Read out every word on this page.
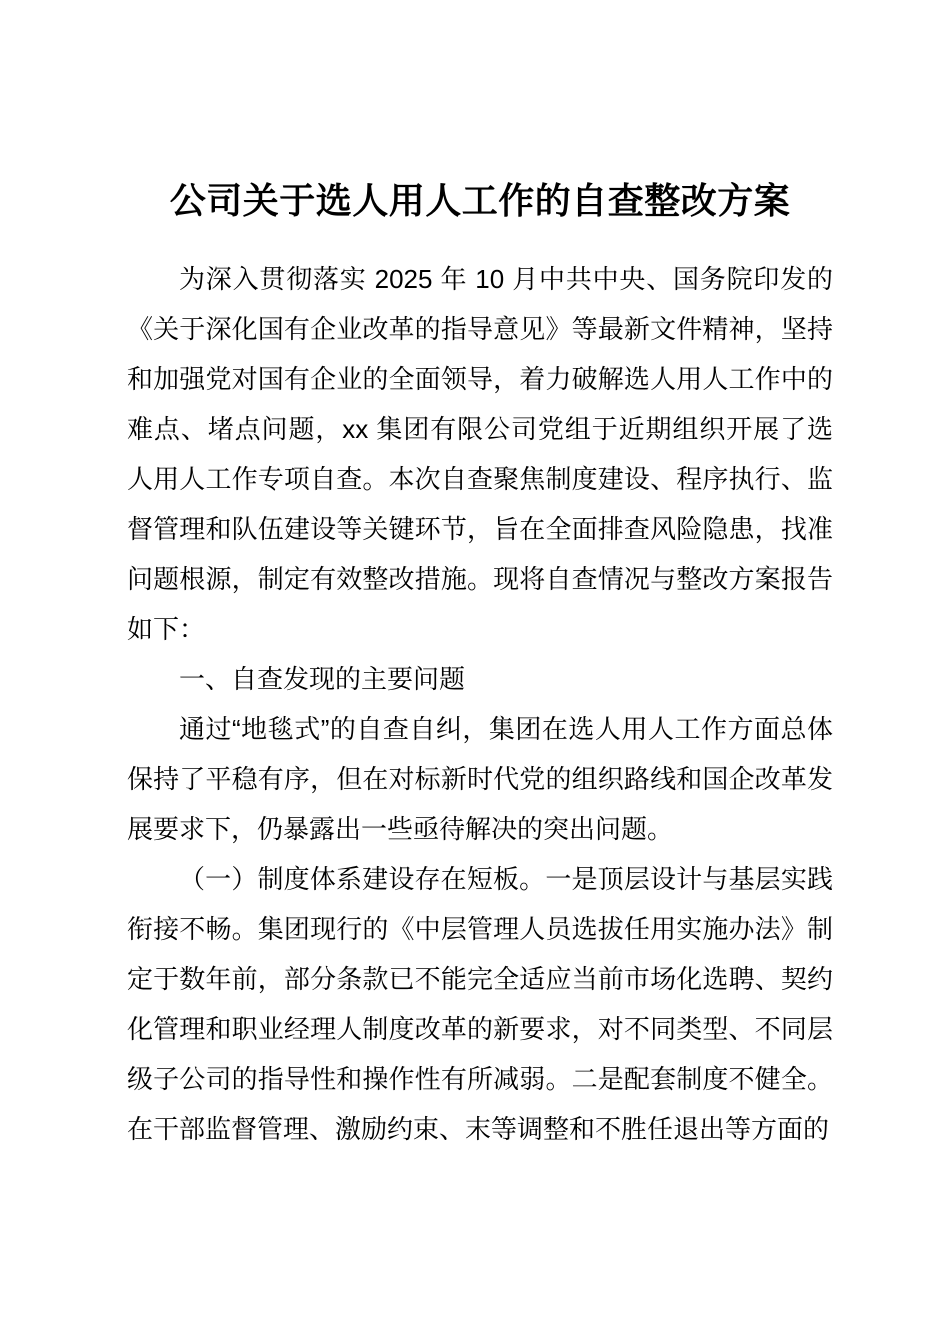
公司关于选人用人工作的自查整改方案

为深入贯彻落实 2025 年 10 月中共中央、国务院印发的《关于深化国有企业改革的指导意见》等最新文件精神，坚持和加强党对国有企业的全面领导，着力破解选人用人工作中的难点、堵点问题，xx 集团有限公司党组于近期组织开展了选人用人工作专项自查。本次自查聚焦制度建设、程序执行、监督管理和队伍建设等关键环节，旨在全面排查风险隐患，找准问题根源，制定有效整改措施。现将自查情况与整改方案报告如下：

一、自查发现的主要问题

通过“地毯式”的自查自纠，集团在选人用人工作方面总体保持了平稳有序，但在对标新时代党的组织路线和国企改革发展要求下，仍暴露出一些亟待解决的突出问题。

（一）制度体系建设存在短板。一是顶层设计与基层实践衔接不畅。集团现行的《中层管理人员选拔任用实施办法》制定于数年前，部分条款已不能完全适应当前市场化选聘、契约化管理和职业经理人制度改革的新要求，对不同类型、不同层级子公司的指导性和操作性有所减弱。二是配套制度不健全。在干部监督管理、激励约束、末等调整和不胜任退出等方面的
